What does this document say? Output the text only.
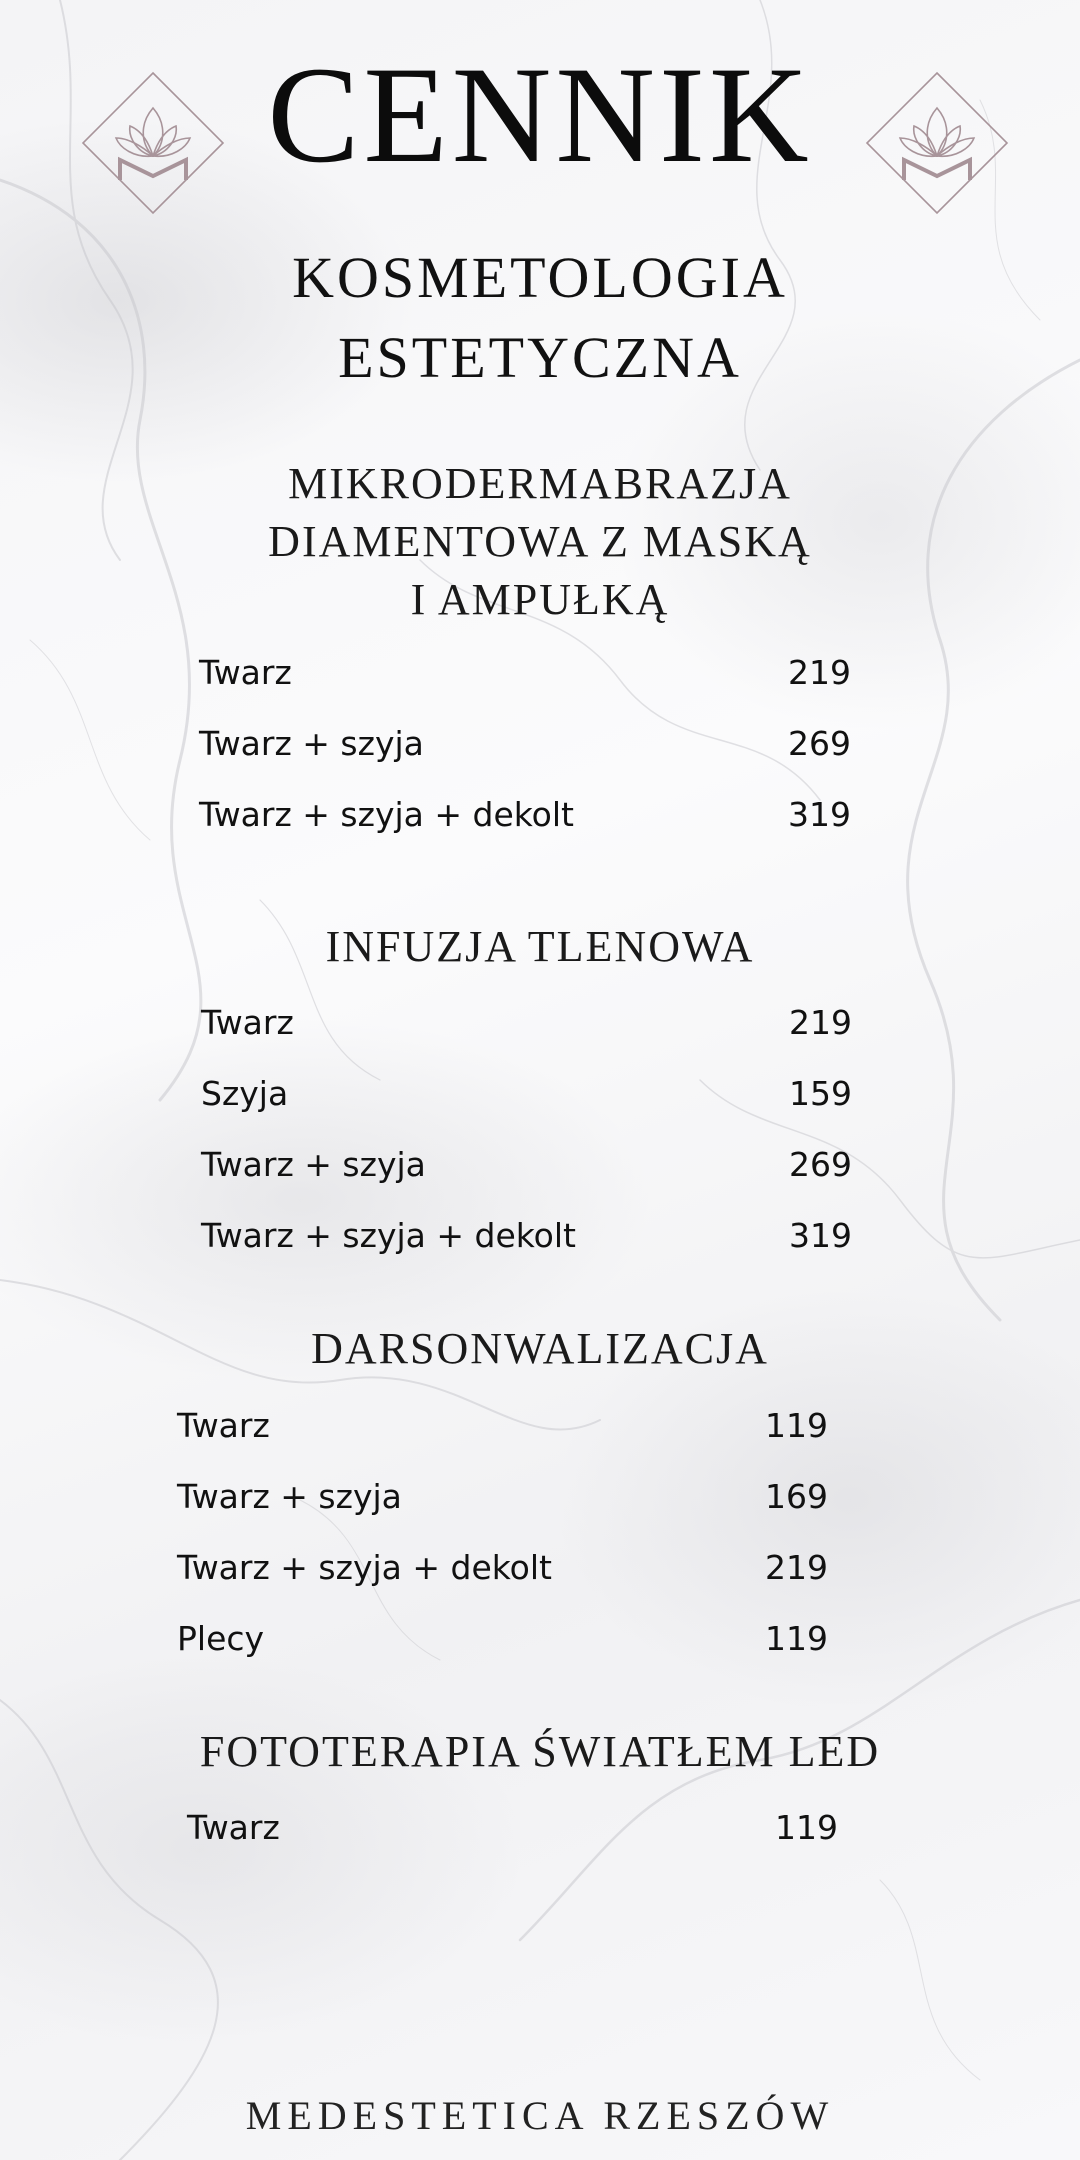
CENNIK
KOSMETOLOGIA
ESTETYCZNA
MIKRODERMABRAZJA
DIAMENTOWA Z MASKĄ
I AMPUŁKĄ
Twarz	219
Twarz + szyja	269
Twarz + szyja + dekolt	319
INFUZJA TLENOWA
Twarz	219
Szyja	159
Twarz + szyja	269
Twarz + szyja + dekolt	319
DARSONWALIZACJA
Twarz	119
Twarz + szyja	169
Twarz + szyja + dekolt	219
Plecy	119
FOTOTERAPIA ŚWIATŁEM LED
Twarz	119
MEDESTETICA RZESZÓW
